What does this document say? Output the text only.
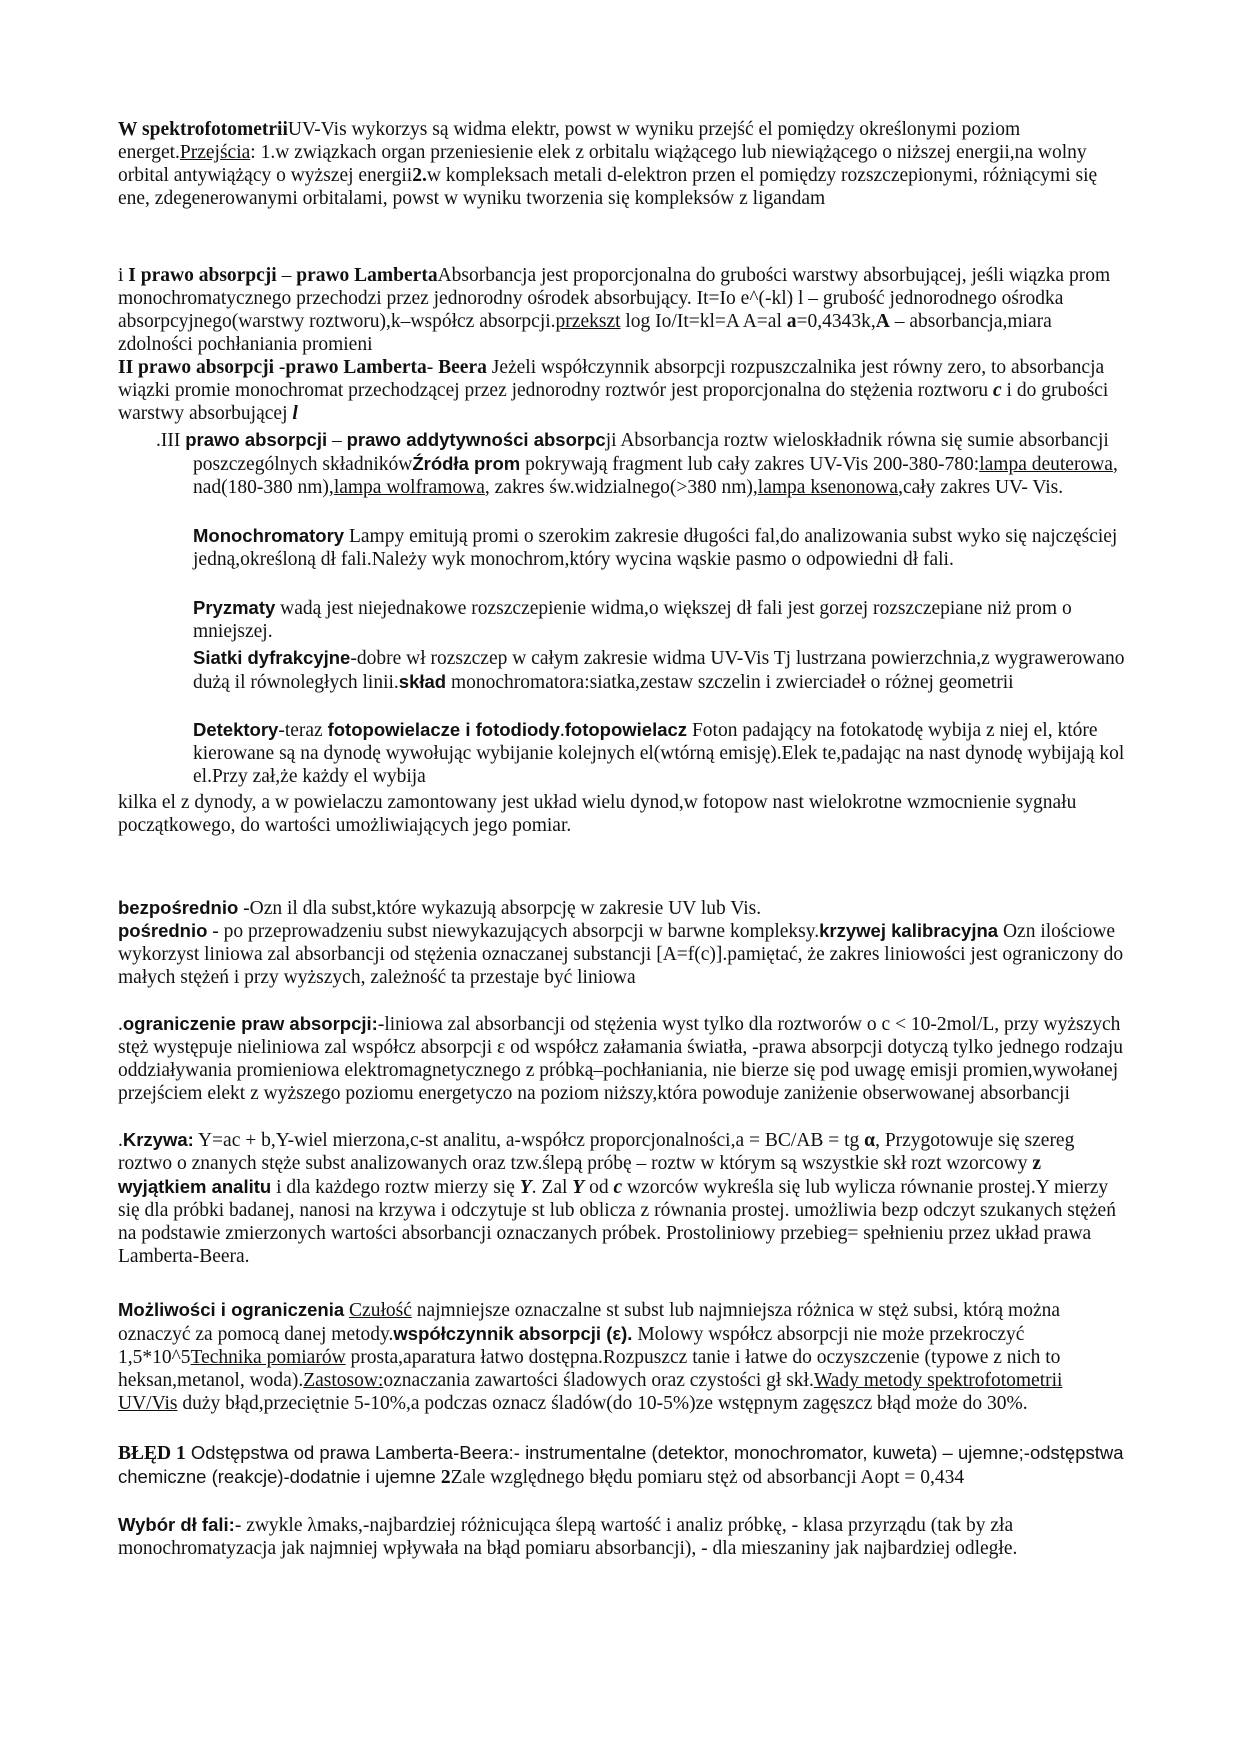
W spektrofotometriiUV-Vis wykorzys są widma elektr, powst w wyniku przejść el pomiędzy określonymi poziom energet.Przejścia: 1.w związkach organ przeniesienie elek z orbitalu wiążącego lub niewiążącego o niższej energii,na wolny orbital antywiążący o wyższej energii2.w kompleksach metali d-elektron przen el pomiędzy rozszczepionymi, różniącymi się ene, zdegenerowanymi orbitalami, powst w wyniku tworzenia się kompleksów z ligandam

i I prawo absorpcji – prawo LambertaAbsorbancja jest proporcjonalna do grubości warstwy absorbującej, jeśli wiązka prom monochromatycznego przechodzi przez jednorodny ośrodek absorbujący. It=Io e^(-kl) l – grubość jednorodnego ośrodka absorpcyjnego(warstwy roztworu),k–współcz absorpcji.przekszt log Io/It=kl=A A=al a=0,4343k,A – absorbancja,miara zdolności pochłaniania promieni

II prawo absorpcji -prawo Lamberta- Beera Jeżeli współczynnik absorpcji rozpuszczalnika jest równy zero, to absorbancja wiązki promie monochromat przechodzącej przez jednorodny roztwór jest proporcjonalna do stężenia roztworu c i do grubości warstwy absorbującej l

.III prawo absorpcji – prawo addytywności absorpcji Absorbancja roztw wieloskładnik równa się sumie absorbancji poszczególnych składnikówŹródła prom pokrywają fragment lub cały zakres UV-Vis 200-380-780:lampa deuterowa, nad(180-380 nm),lampa wolframowa, zakres św.widzialnego(>380 nm),lampa ksenonowa,cały zakres UV- Vis.

Monochromatory Lampy emitują promi o szerokim zakresie długości fal,do analizowania subst wyko się najczęściej jedną,określoną dł fali.Należy wyk monochrom,który wycina wąskie pasmo o odpowiedni dł fali.

Pryzmaty wadą jest niejednakowe rozszczepienie widma,o większej dł fali jest gorzej rozszczepiane niż prom o mniejszej.

Siatki dyfrakcyjne-dobre wł rozszczep w całym zakresie widma UV-Vis Tj lustrzana powierzchnia,z wygrawerowano dużą il równoległych linii.skład monochromatora:siatka,zestaw szczelin i zwierciadeł o różnej geometrii

Detektory-teraz fotopowielacze i fotodiody.fotopowielacz Foton padający na fotokatodę wybija z niej el, które kierowane są na dynodę wywołując wybijanie kolejnych el(wtórną emisję).Elek te,padając na nast dynodę wybijają kol el.Przy zał,że każdy el wybija

kilka el z dynody, a w powielaczu zamontowany jest układ wielu dynod,w fotopow nast wielokrotne wzmocnienie sygnału początkowego, do wartości umożliwiających jego pomiar.

bezpośrednio -Ozn il dla subst,które wykazują absorpcję w zakresie UV lub Vis.

pośrednio - po przeprowadzeniu subst niewykazujących absorpcji w barwne kompleksy.krzywej kalibracyjna Ozn ilościowe wykorzyst liniowa zal absorbancji od stężenia oznaczanej substancji [A=f(c)].pamiętać, że zakres liniowości jest ograniczony do małych stężeń i przy wyższych, zależność ta przestaje być liniowa

.ograniczenie praw absorpcji:-liniowa zal absorbancji od stężenia wyst tylko dla roztworów o c < 10-2mol/L, przy wyższych stęż występuje nieliniowa zal współcz absorpcji ε od współcz załamania światła, -prawa absorpcji dotyczą tylko jednego rodzaju oddziaływania promieniowa elektromagnetycznego z próbką–pochłaniania, nie bierze się pod uwagę emisji promien,wywołanej przejściem elekt z wyższego poziomu energetyczo na poziom niższy,która powoduje zaniżenie obserwowanej absorbancji

.Krzywa: Y=ac + b,Y-wiel mierzona,c-st analitu, a-współcz proporcjonalności,a = BC/AB = tg α, Przygotowuje się szereg roztwo o znanych stęże subst analizowanych oraz tzw.ślepą próbę – roztw w którym są wszystkie skł rozt wzorcowy z wyjątkiem analitu i dla każdego roztw mierzy się Y. Zal Y od c wzorców wykreśla się lub wylicza równanie prostej.Y mierzy się dla próbki badanej, nanosi na krzywa i odczytuje st lub oblicza z równania prostej. umożliwia bezp odczyt szukanych stężeń na podstawie zmierzonych wartości absorbancji oznaczanych próbek. Prostoliniowy przebieg= spełnieniu przez układ prawa Lamberta-Beera.

Możliwości i ograniczenia Czułość najmniejsze oznaczalne st subst lub najmniejsza różnica w stęż subsi, którą można oznaczyć za pomocą danej metody.współczynnik absorpcji (ε). Molowy współcz absorpcji nie może przekroczyć 1,5*10^5Technika pomiarów prosta,aparatura łatwo dostępna.Rozpuszcz tanie i łatwe do oczyszczenie (typowe z nich to heksan,metanol, woda).Zastosow:oznaczania zawartości śladowych oraz czystości gł skł.Wady metody spektrofotometrii UV/Vis duży błąd,przeciętnie 5-10%,a podczas oznacz śladów(do 10-5%)ze wstępnym zagęszcz błąd może do 30%.

BŁĘD 1 Odstępstwa od prawa Lamberta-Beera:- instrumentalne (detektor, monochromator, kuweta) – ujemne;-odstępstwa chemiczne (reakcje)-dodatnie i ujemne 2Zale względnego błędu pomiaru stęż od absorbancji Aopt = 0,434

Wybór dł fali:- zwykle λmaks,-najbardziej różnicująca ślepą wartość i analiz próbkę, - klasa przyrządu (tak by zła monochromatyzacja jak najmniej wpływała na błąd pomiaru absorbancji), - dla mieszaniny jak najbardziej odległe.
